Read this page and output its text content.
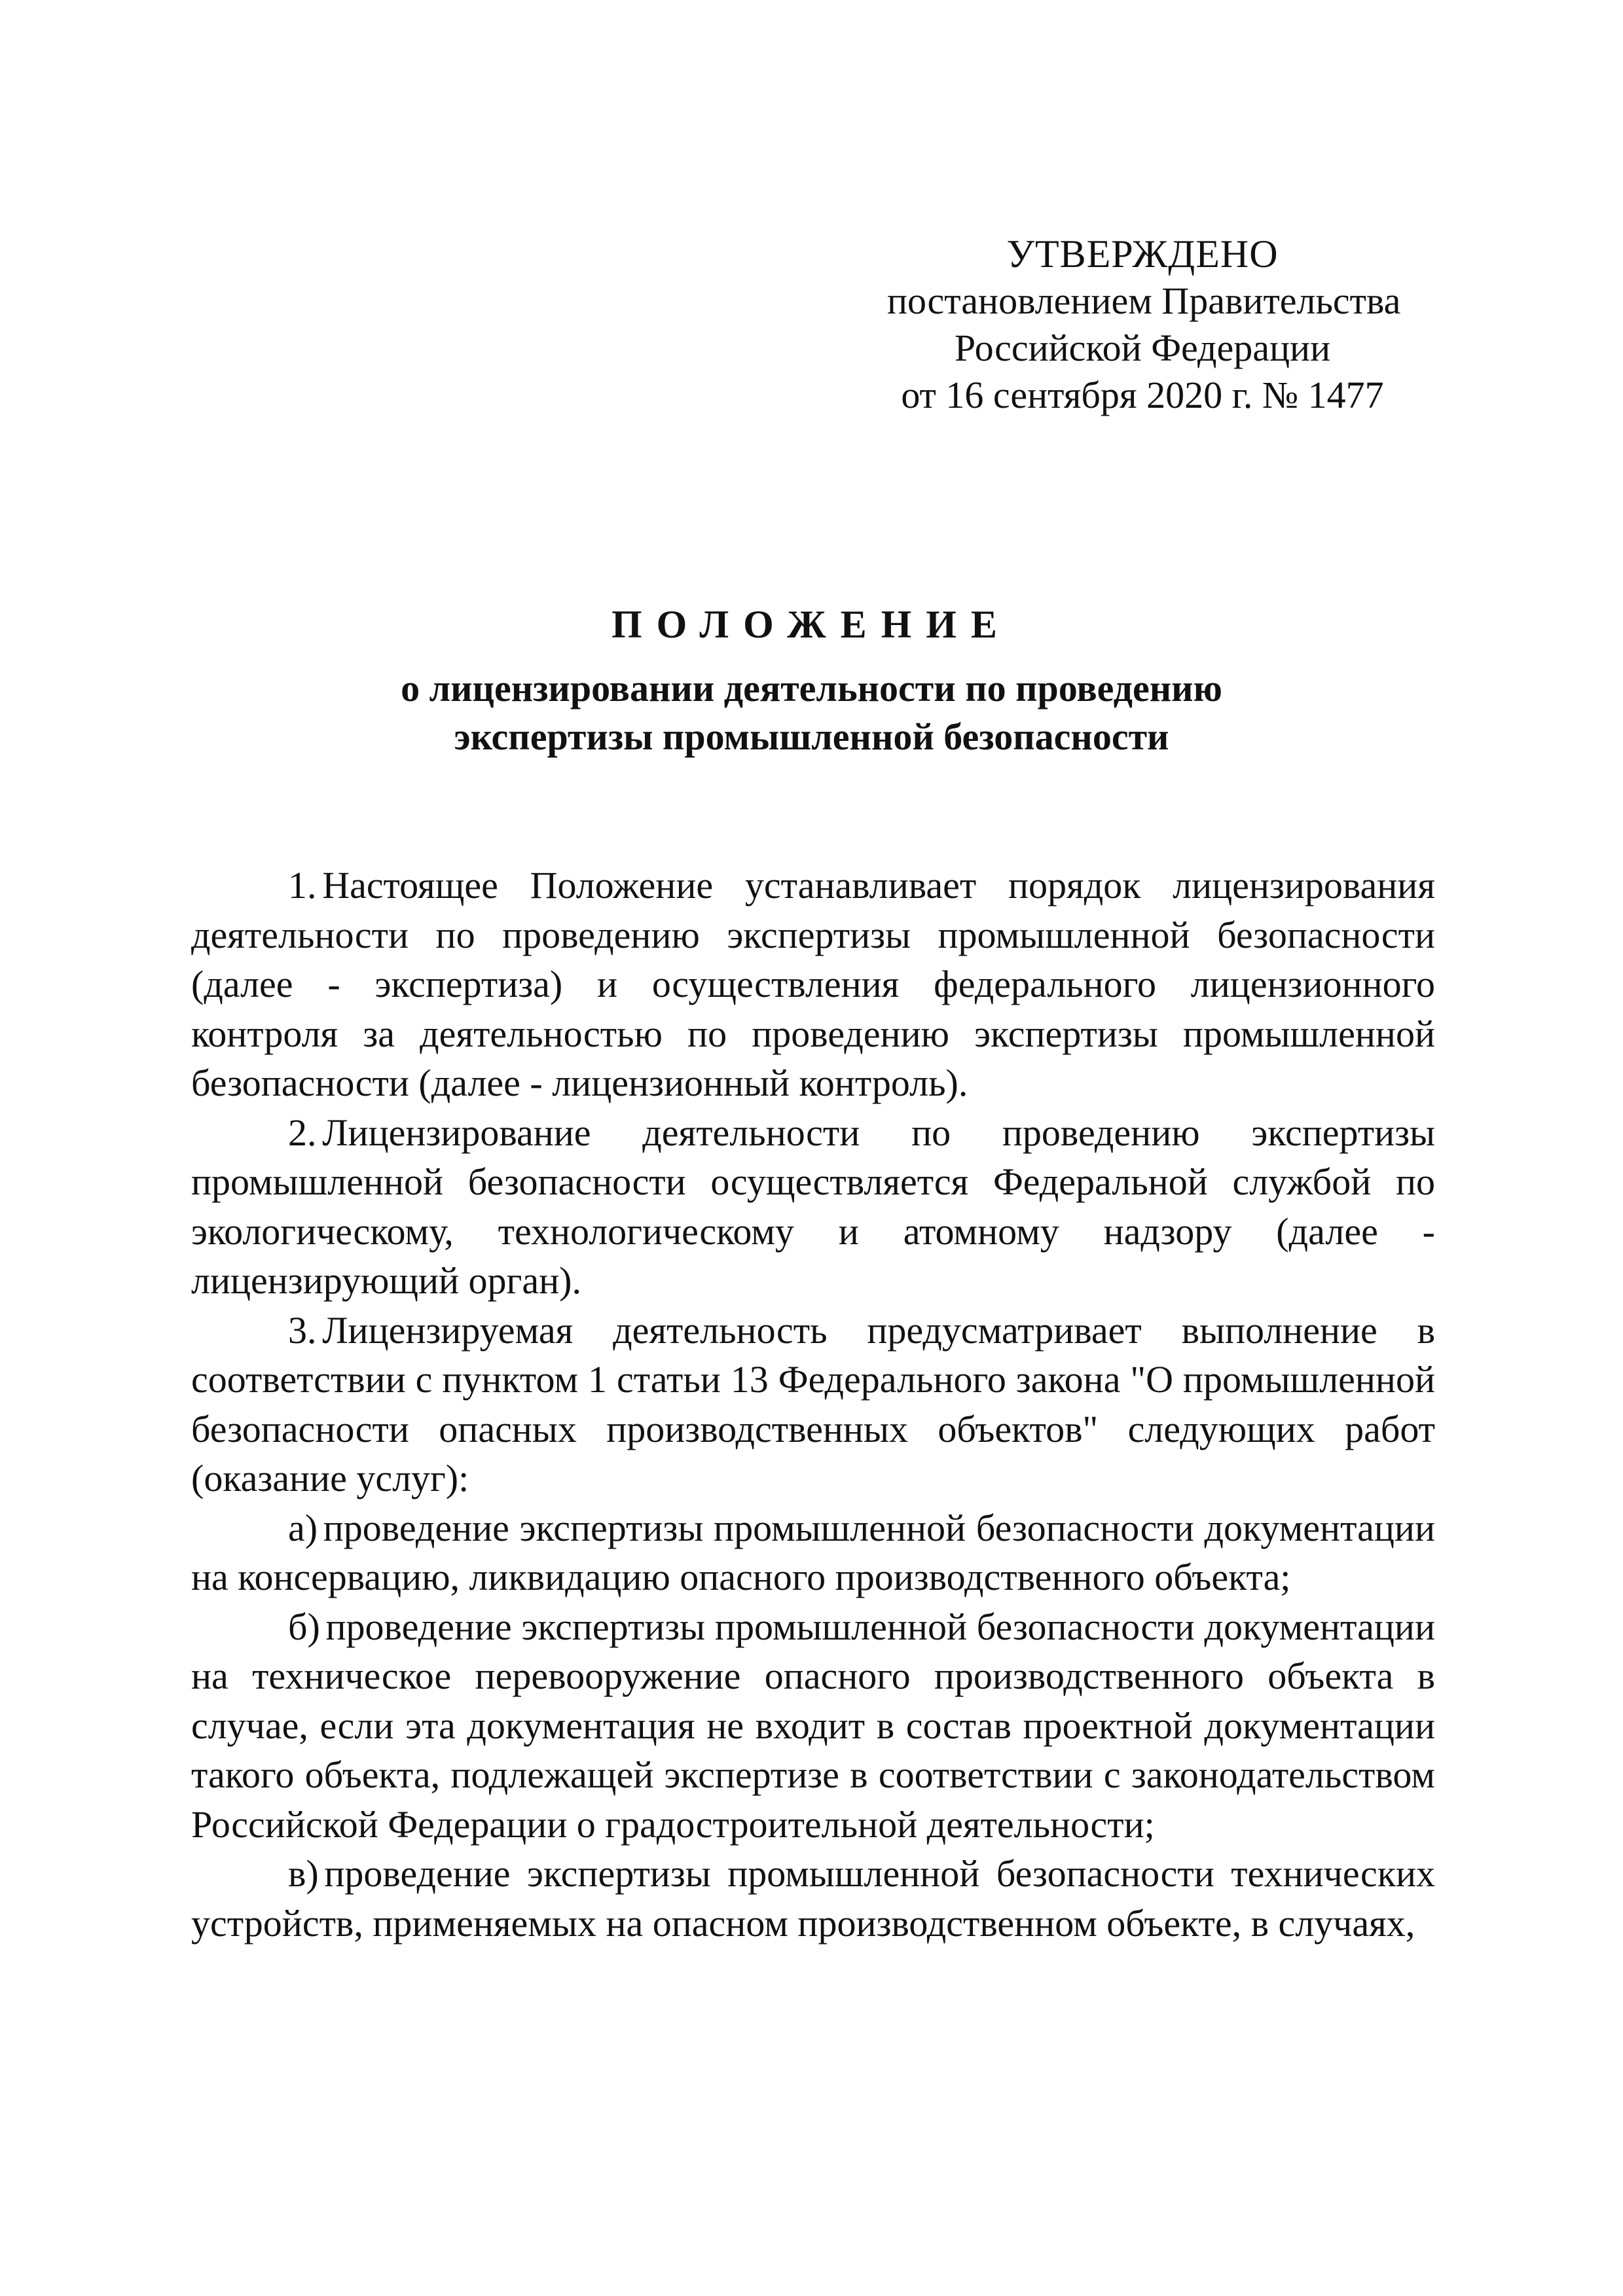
УТВЕРЖДЕНО
постановлением Правительства
Российской Федерации
от 16 сентября 2020 г. № 1477
ПОЛОЖЕНИЕ
о лицензировании деятельности по проведению
экспертизы промышленной безопасности

1. Настоящее Положение устанавливает порядок лицензирования деятельности по проведению экспертизы промышленной безопасности (далее - экспертиза) и осуществления федерального лицензионного контроля за деятельностью по проведению экспертизы промышленной безопасности (далее - лицензионный контроль).

2. Лицензирование деятельности по проведению экспертизы промышленной безопасности осуществляется Федеральной службой по экологическому, технологическому и атомному надзору (далее - лицензирующий орган).

3. Лицензируемая деятельность предусматривает выполнение в соответствии с пунктом 1 статьи 13 Федерального закона "О промышленной безопасности опасных производственных объектов" следующих работ (оказание услуг):

а) проведение экспертизы промышленной безопасности документации на консервацию, ликвидацию опасного производственного объекта;

б) проведение экспертизы промышленной безопасности документации на техническое перевооружение опасного производственного объекта в случае, если эта документация не входит в состав проектной документации такого объекта, подлежащей экспертизе в соответствии с законодательством Российской Федерации о градостроительной деятельности;

в) проведение экспертизы промышленной безопасности технических устройств, применяемых на опасном производственном объекте, в случаях,
